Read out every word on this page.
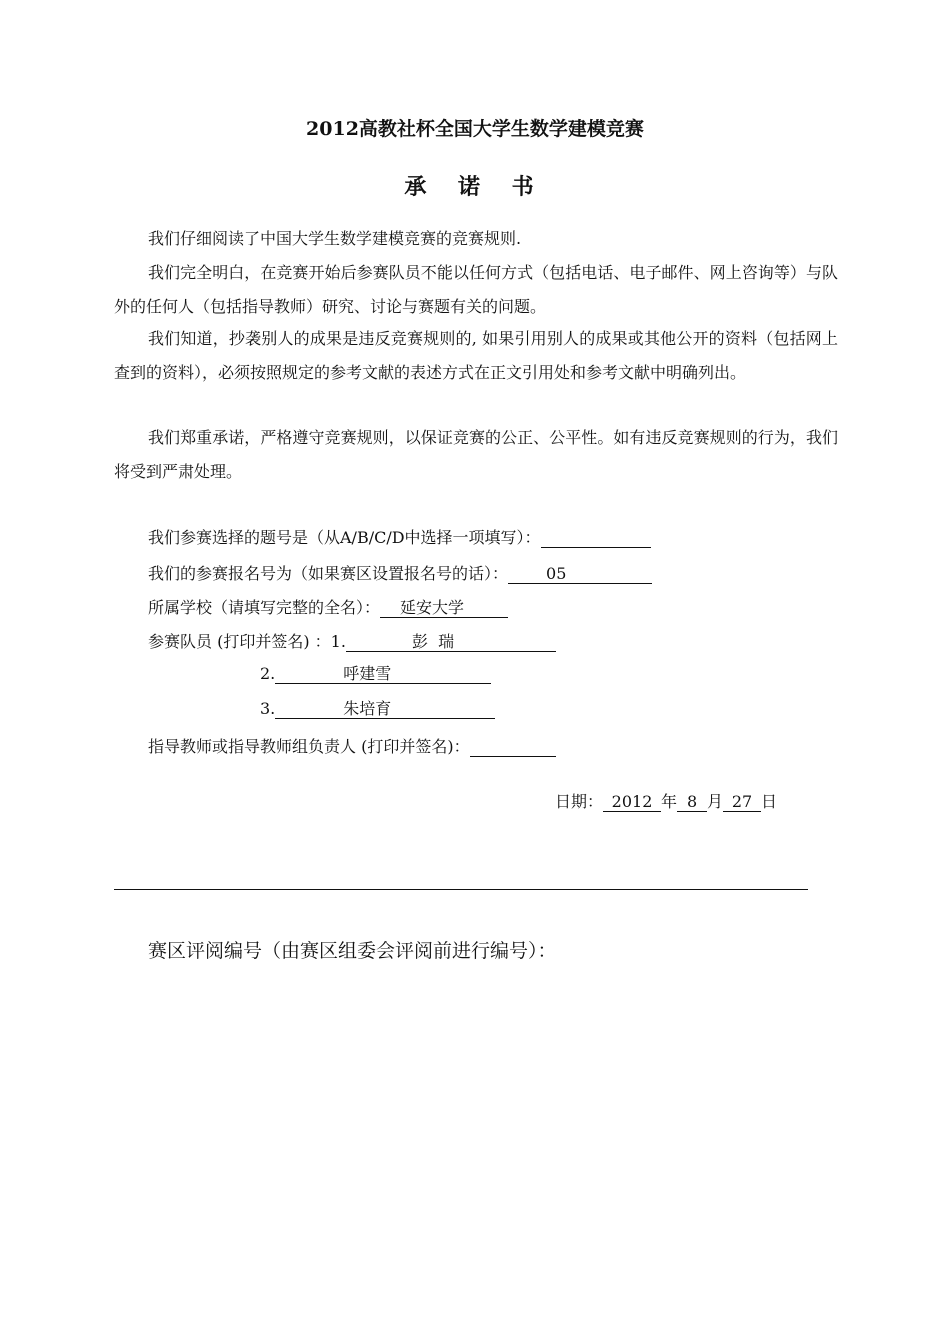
2012高教社杯全国大学生数学建模竞赛
承 诺 书

我们仔细阅读了中国大学生数学建模竞赛的竞赛规则.

我们完全明白，在竞赛开始后参赛队员不能以任何方式（包括电话、电子邮件、网上咨询等）与队外的任何人（包括指导教师）研究、讨论与赛题有关的问题。

我们知道，抄袭别人的成果是违反竞赛规则的, 如果引用别人的成果或其他公开的资料（包括网上查到的资料），必须按照规定的参考文献的表述方式在正文引用处和参考文献中明确列出。

我们郑重承诺，严格遵守竞赛规则，以保证竞赛的公正、公平性。如有违反竞赛规则的行为，我们将受到严肃处理。

我们参赛选择的题号是（从A/B/C/D中选择一项填写）：
我们的参赛报名号为（如果赛区设置报名号的话）： 05
所属学校（请填写完整的全名）： 延安大学
参赛队员 (打印并签名) ：1.	彭  瑞
2.	呼建雪
3.	朱培育
指导教师或指导教师组负责人 (打印并签名)：
日期： 2012 年 8 月 27 日
赛区评阅编号（由赛区组委会评阅前进行编号）：
